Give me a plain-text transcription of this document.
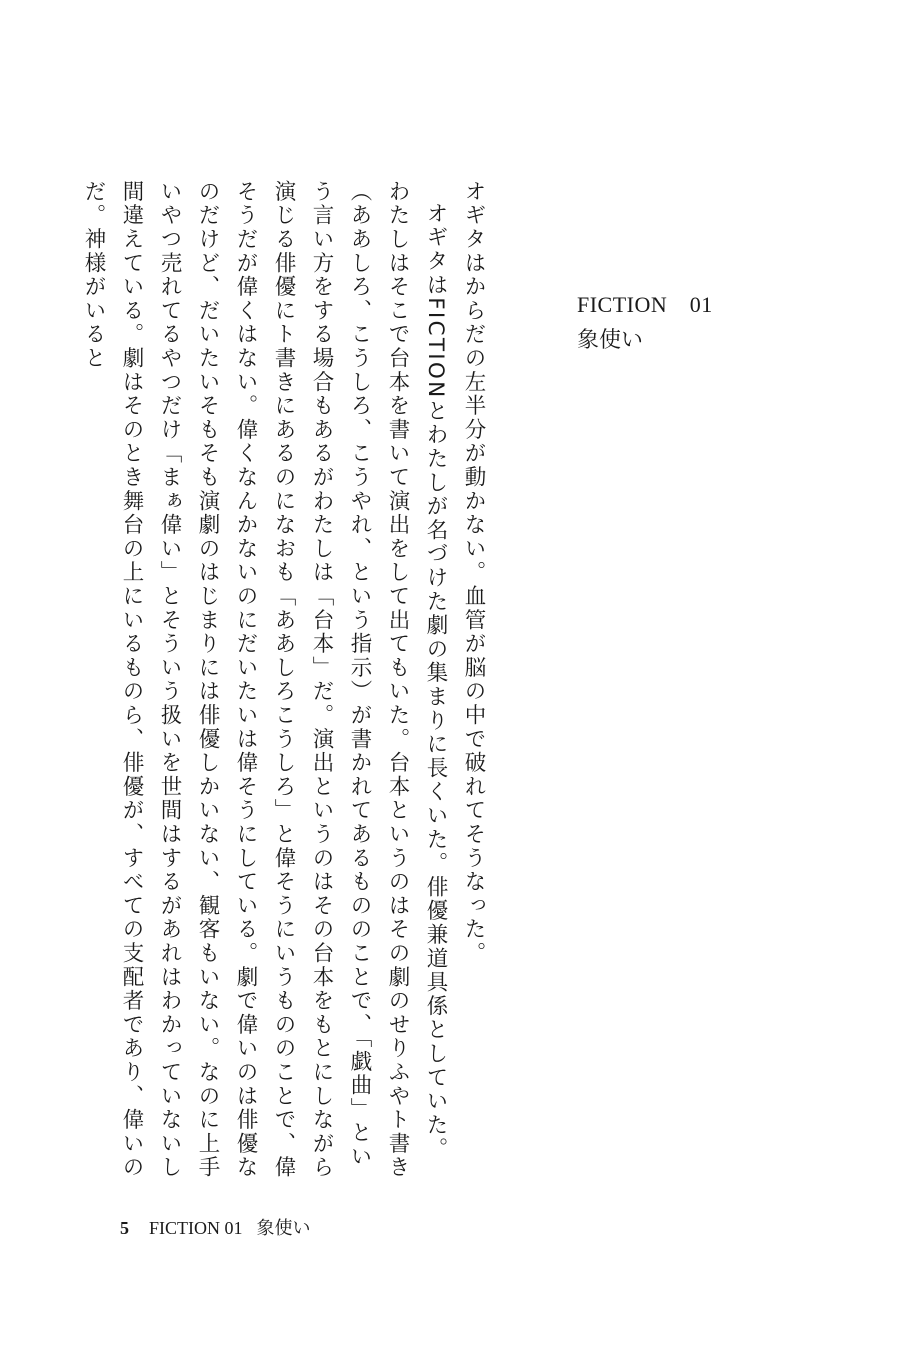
FICTION　01
象使い

オギタはからだの左半分が動かない。血管が脳の中で破れてそうなった。

オギタはFICTIONとわたしが名づけた劇の集まりに長くいた。俳優兼道具係としていた。わたしはそこで台本を書いて演出をして出てもいた。台本というのはその劇のせりふやト書き（ああしろ、こうしろ、こうやれ、という指示）が書かれてあるもののことで、「戯曲」という言い方をする場合もあるがわたしは「台本」だ。演出というのはその台本をもとにしながら演じる俳優にト書きにあるのになおも「ああしろこうしろ」と偉そうにいうもののことで、偉そうだが偉くはない。偉くなんかないのにだいたいは偉そうにしている。劇で偉いのは俳優なのだけど、だいたいそもそも演劇のはじまりには俳優しかいない、観客もいない。なのに上手いやつ売れてるやつだけ「まぁ偉い」とそういう扱いを世間はするがあれはわかっていないし間違えている。劇はそのとき舞台の上にいるものら、俳優が、すべての支配者であり、偉いのだ。神様がいると

5 FICTION 01 象使い
